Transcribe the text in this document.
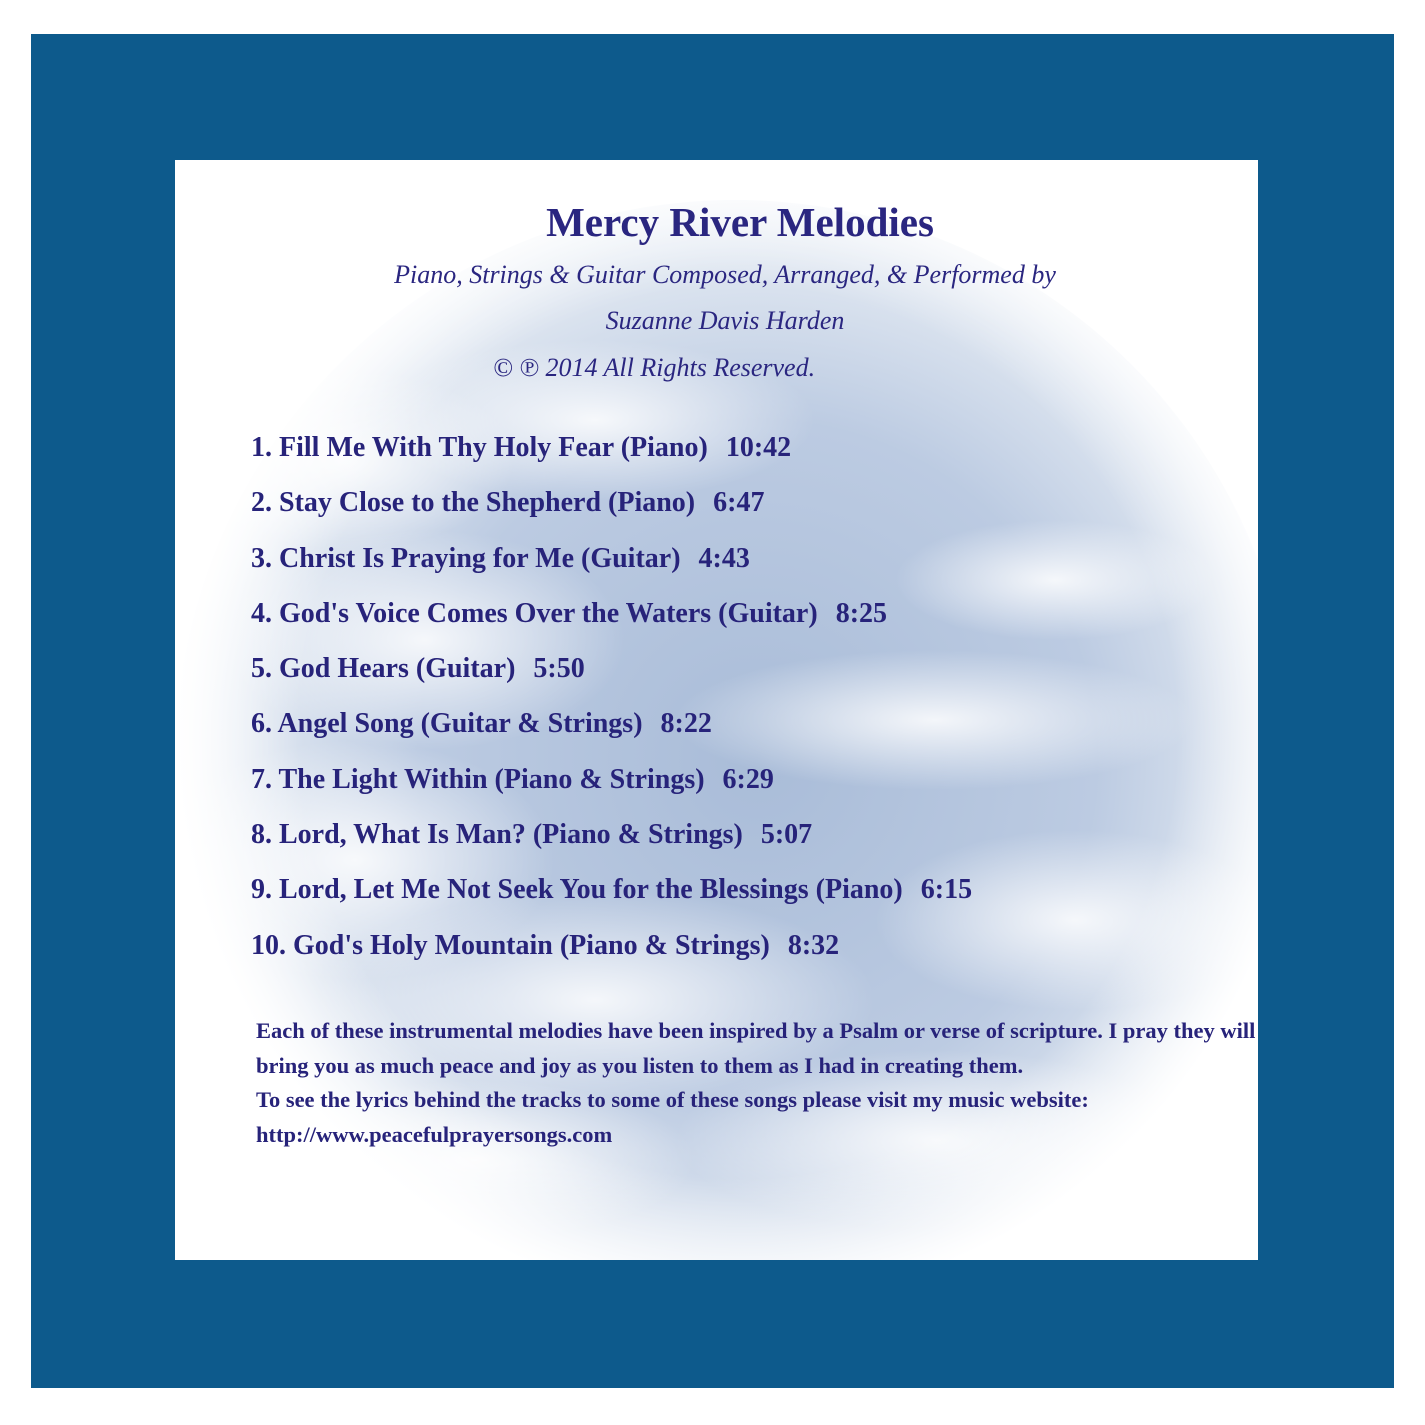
Mercy River Melodies
Piano, Strings & Guitar Composed, Arranged, & Performed by
Suzanne Davis Harden
© ℗ 2014 All Rights Reserved.
1. Fill Me With Thy Holy Fear (Piano) 10:42
2. Stay Close to the Shepherd (Piano) 6:47
3. Christ Is Praying for Me (Guitar) 4:43
4. God's Voice Comes Over the Waters (Guitar) 8:25
5. God Hears (Guitar) 5:50
6. Angel Song (Guitar & Strings) 8:22
7. The Light Within (Piano & Strings) 6:29
8. Lord, What Is Man? (Piano & Strings) 5:07
9. Lord, Let Me Not Seek You for the Blessings (Piano) 6:15
10. God's Holy Mountain (Piano & Strings) 8:32

Each of these instrumental melodies have been inspired by a Psalm or verse of scripture. I pray they will bring you as much peace and joy as you listen to them as I had in creating them.

To see the lyrics behind the tracks to some of these songs please visit my music website: http://www.peacefulprayersongs.com
